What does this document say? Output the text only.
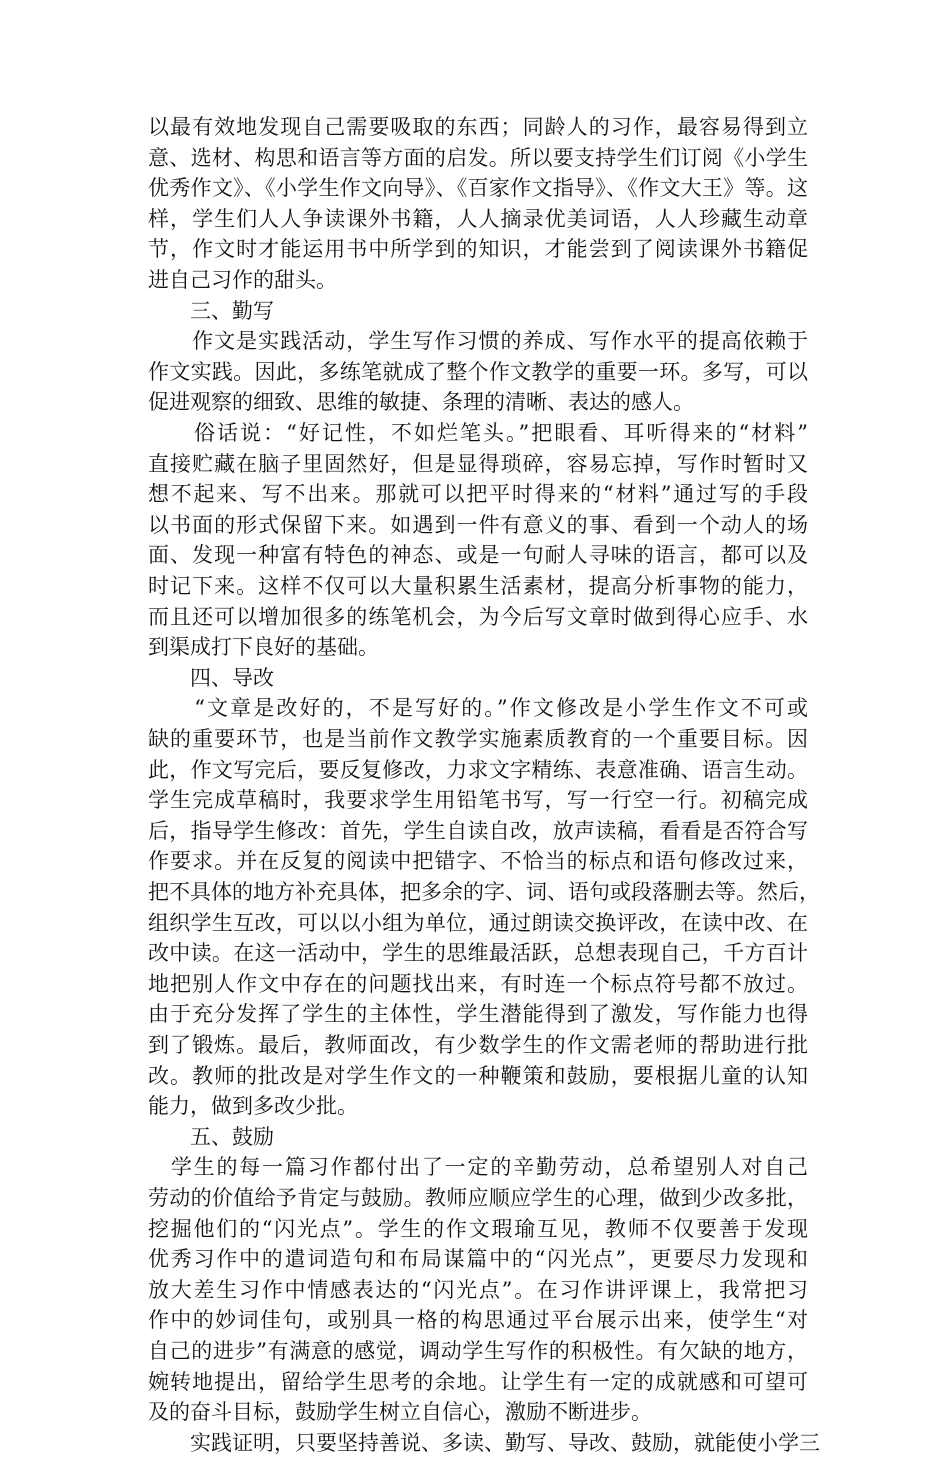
以最有效地发现自己需要吸取的东西；同龄人的习作，最容易得到立
意、选材、构思和语言等方面的启发。所以要支持学生们订阅《小学生
优秀作文》、《小学生作文向导》、《百家作文指导》、《作文大王》等。这
样，学生们人人争读课外书籍，人人摘录优美词语，人人珍藏生动章
节，作文时才能运用书中所学到的知识，才能尝到了阅读课外书籍促
进自己习作的甜头。
　　三、勤写
　　作文是实践活动，学生写作习惯的养成、写作水平的提高依赖于
作文实践。因此，多练笔就成了整个作文教学的重要一环。多写，可以
促进观察的细致、思维的敏捷、条理的清晰、表达的感人。
　　俗话说：“好记性，不如烂笔头。”把眼看、耳听得来的“材料”
直接贮藏在脑子里固然好，但是显得琐碎，容易忘掉，写作时暂时又
想不起来、写不出来。那就可以把平时得来的“材料”通过写的手段
以书面的形式保留下来。如遇到一件有意义的事、看到一个动人的场
面、发现一种富有特色的神态、或是一句耐人寻味的语言，都可以及
时记下来。这样不仅可以大量积累生活素材，提高分析事物的能力，
而且还可以增加很多的练笔机会，为今后写文章时做到得心应手、水
到渠成打下良好的基础。
　　四、导改
　　“文章是改好的，不是写好的。”作文修改是小学生作文不可或
缺的重要环节，也是当前作文教学实施素质教育的一个重要目标。因
此，作文写完后，要反复修改，力求文字精练、表意准确、语言生动。
学生完成草稿时，我要求学生用铅笔书写，写一行空一行。初稿完成
后，指导学生修改：首先，学生自读自改，放声读稿，看看是否符合写
作要求。并在反复的阅读中把错字、不恰当的标点和语句修改过来，
把不具体的地方补充具体，把多余的字、词、语句或段落删去等。然后，
组织学生互改，可以以小组为单位，通过朗读交换评改，在读中改、在
改中读。在这一活动中，学生的思维最活跃，总想表现自己，千方百计
地把别人作文中存在的问题找出来，有时连一个标点符号都不放过。
由于充分发挥了学生的主体性，学生潜能得到了激发，写作能力也得
到了锻炼。最后，教师面改，有少数学生的作文需老师的帮助进行批
改。教师的批改是对学生作文的一种鞭策和鼓励，要根据儿童的认知
能力，做到多改少批。
　　五、鼓励
　学生的每一篇习作都付出了一定的辛勤劳动，总希望别人对自己
劳动的价值给予肯定与鼓励。教师应顺应学生的心理，做到少改多批，
挖掘他们的“闪光点”。学生的作文瑕瑜互见，教师不仅要善于发现
优秀习作中的遣词造句和布局谋篇中的“闪光点”，更要尽力发现和
放大差生习作中情感表达的“闪光点”。在习作讲评课上，我常把习
作中的妙词佳句，或别具一格的构思通过平台展示出来，使学生“对
自己的进步”有满意的感觉，调动学生写作的积极性。有欠缺的地方，
婉转地提出，留给学生思考的余地。让学生有一定的成就感和可望可
及的奋斗目标，鼓励学生树立自信心，激励不断进步。
　　实践证明，只要坚持善说、多读、勤写、导改、鼓励，就能使小学三
